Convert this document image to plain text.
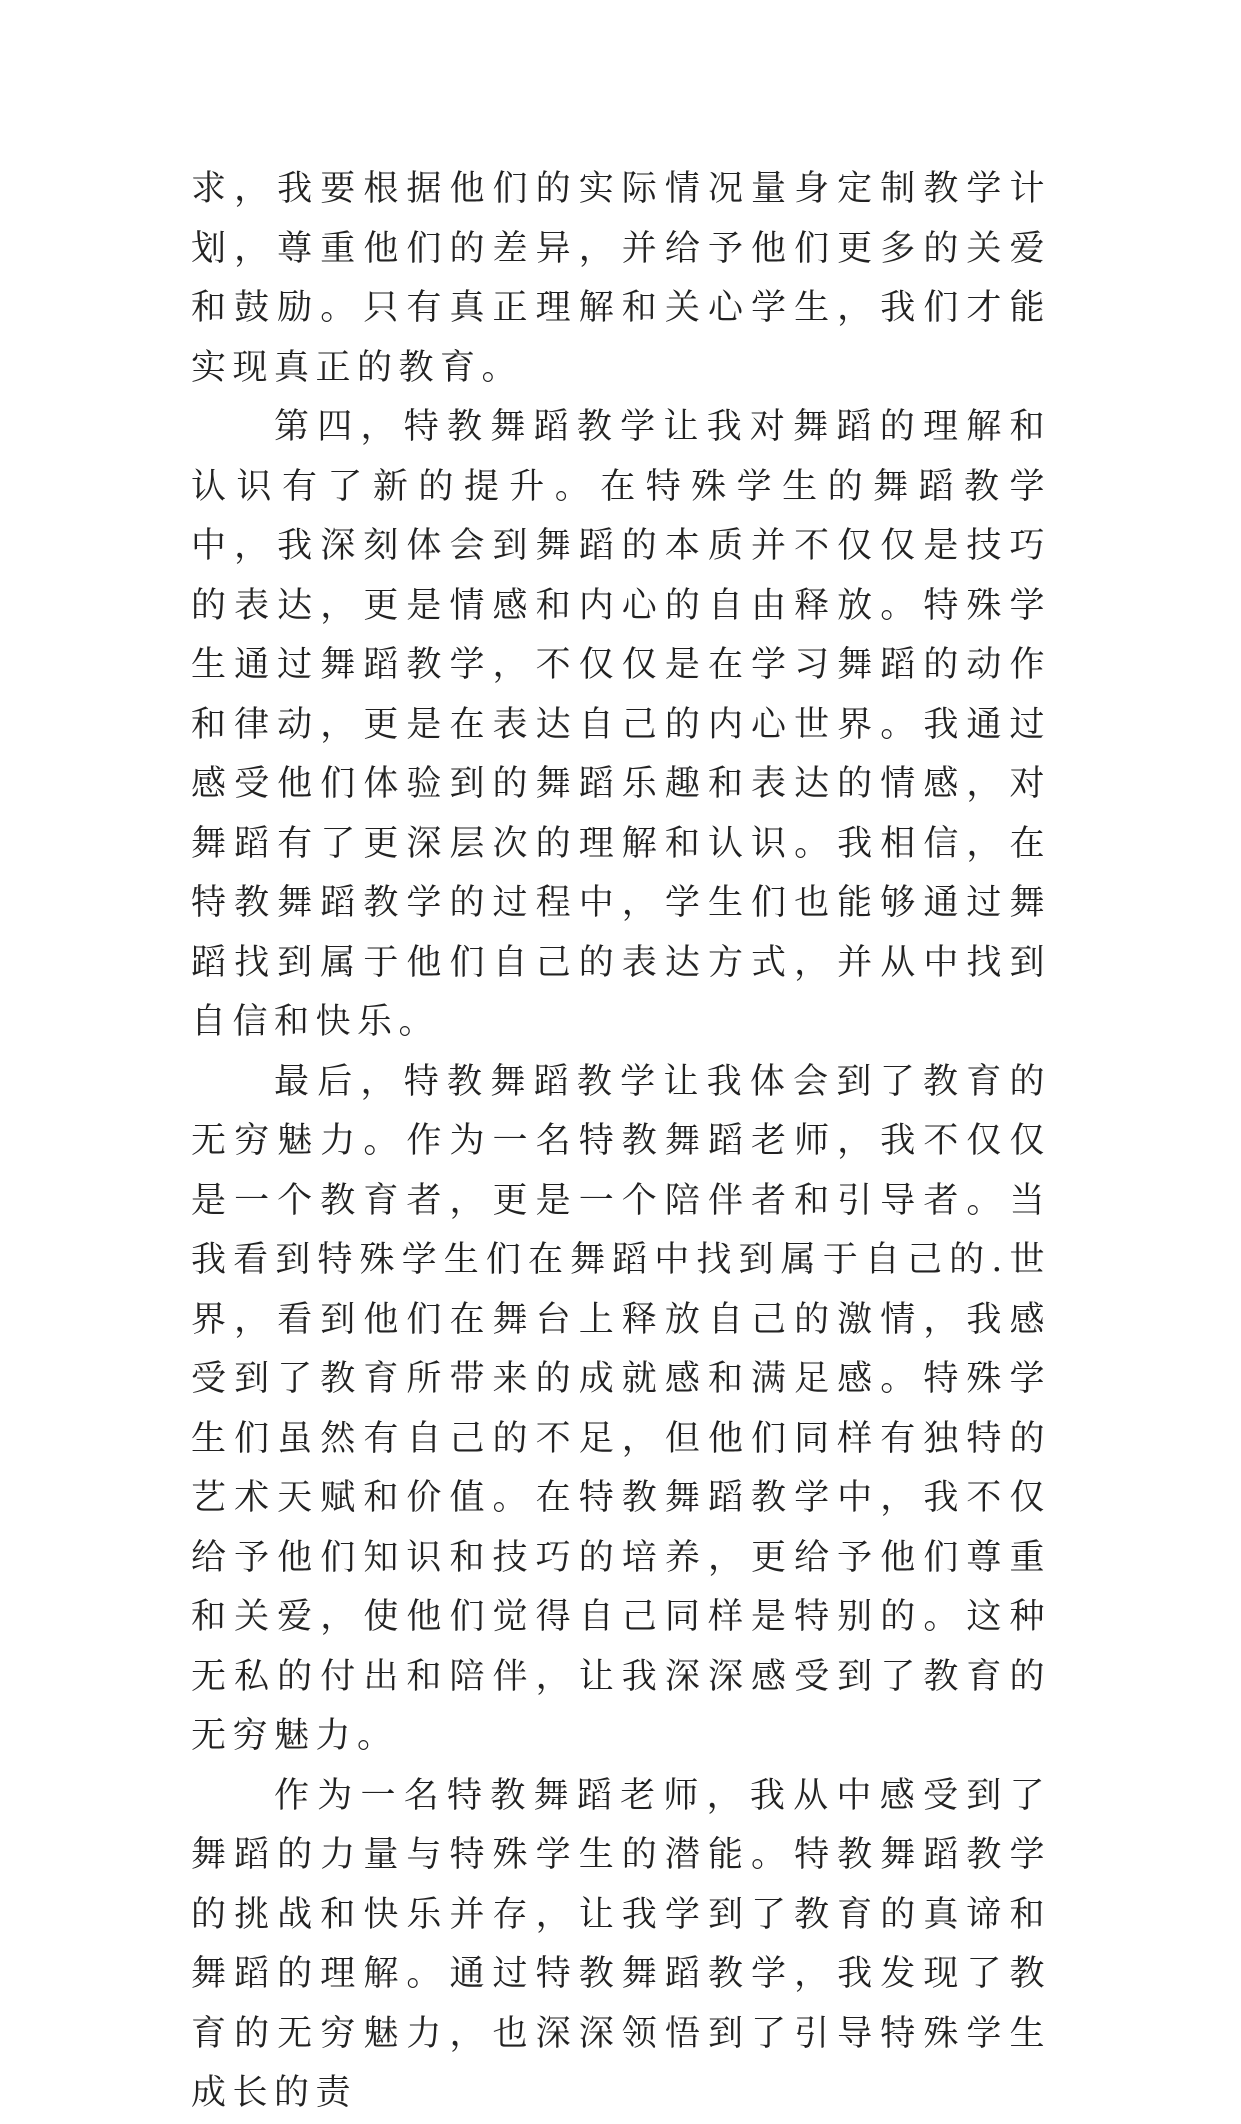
求，我要根据他们的实际情况量身定制教学计划，尊重他们的差异，并给予他们更多的关爱和鼓励。只有真正理解和关心学生，我们才能实现真正的教育。

第四，特教舞蹈教学让我对舞蹈的理解和认识有了新的提升。在特殊学生的舞蹈教学中，我深刻体会到舞蹈的本质并不仅仅是技巧的表达，更是情感和内心的自由释放。特殊学生通过舞蹈教学，不仅仅是在学习舞蹈的动作和律动，更是在表达自己的内心世界。我通过感受他们体验到的舞蹈乐趣和表达的情感，对舞蹈有了更深层次的理解和认识。我相信，在特教舞蹈教学的过程中，学生们也能够通过舞蹈找到属于他们自己的表达方式，并从中找到自信和快乐。

最后，特教舞蹈教学让我体会到了教育的无穷魅力。作为一名特教舞蹈老师，我不仅仅是一个教育者，更是一个陪伴者和引导者。当我看到特殊学生们在舞蹈中找到属于自己的.世界，看到他们在舞台上释放自己的激情，我感受到了教育所带来的成就感和满足感。特殊学生们虽然有自己的不足，但他们同样有独特的艺术天赋和价值。在特教舞蹈教学中，我不仅给予他们知识和技巧的培养，更给予他们尊重和关爱，使他们觉得自己同样是特别的。这种无私的付出和陪伴，让我深深感受到了教育的无穷魅力。

作为一名特教舞蹈老师，我从中感受到了舞蹈的力量与特殊学生的潜能。特教舞蹈教学的挑战和快乐并存，让我学到了教育的真谛和舞蹈的理解。通过特教舞蹈教学，我发现了教育的无穷魅力，也深深领悟到了引导特殊学生成长的责
